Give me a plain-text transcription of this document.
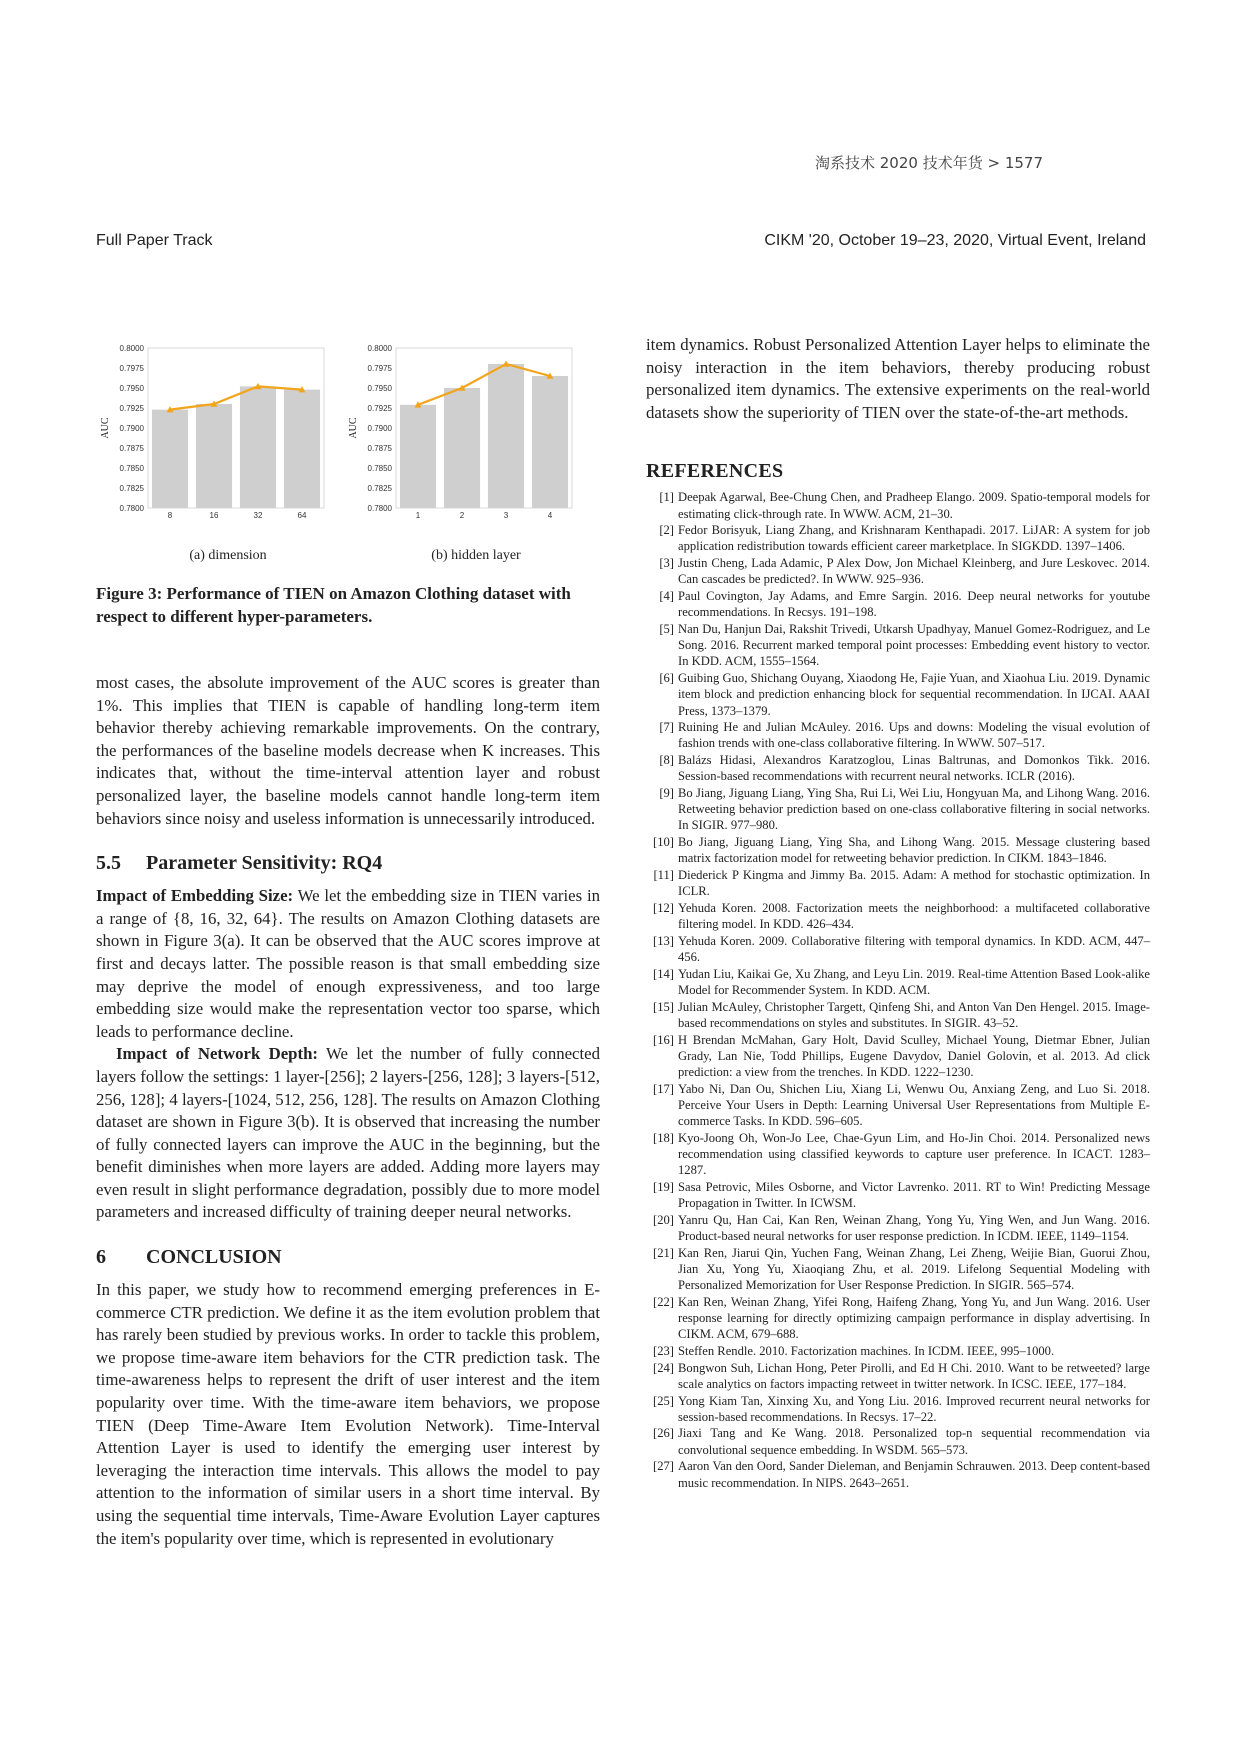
淘系技术 2020 技术年货 > 1577
Full Paper Track	CIKM '20, October 19–23, 2020, Virtual Event, Ireland
0.7800
0.7825
0.7850
0.7875
0.7900
0.7925
0.7950
0.7975
0.8000
AUC
8	16	32	64
0.7800
0.7825
0.7850
0.7875
0.7900
0.7925
0.7950
0.7975
0.8000
AUC
1	2	3	4
(a) dimension	(b) hidden layer
Figure 3: Performance of TIEN on Amazon Clothing dataset with respect to different hyper-parameters.

most cases, the absolute improvement of the AUC scores is greater than 1%. This implies that TIEN is capable of handling long-term item behavior thereby achieving remarkable improvements. On the contrary, the performances of the baseline models decrease when K increases. This indicates that, without the time-interval attention layer and robust personalized layer, the baseline models cannot handle long-term item behaviors since noisy and useless information is unnecessarily introduced.

5.5 Parameter Sensitivity: RQ4

Impact of Embedding Size: We let the embedding size in TIEN varies in a range of {8, 16, 32, 64}. The results on Amazon Clothing datasets are shown in Figure 3(a). It can be observed that the AUC scores improve at first and decays latter. The possible reason is that small embedding size may deprive the model of enough expressiveness, and too large embedding size would make the representation vector too sparse, which leads to performance decline.

Impact of Network Depth: We let the number of fully connected layers follow the settings: 1 layer-[256]; 2 layers-[256, 128]; 3 layers-[512, 256, 128]; 4 layers-[1024, 512, 256, 128]. The results on Amazon Clothing dataset are shown in Figure 3(b). It is observed that increasing the number of fully connected layers can improve the AUC in the beginning, but the benefit diminishes when more layers are added. Adding more layers may even result in slight performance degradation, possibly due to more model parameters and increased difficulty of training deeper neural networks.

6 CONCLUSION

In this paper, we study how to recommend emerging preferences in E-commerce CTR prediction. We define it as the item evolution problem that has rarely been studied by previous works. In order to tackle this problem, we propose time-aware item behaviors for the CTR prediction task. The time-awareness helps to represent the drift of user interest and the item popularity over time. With the time-aware item behaviors, we propose TIEN (Deep Time-Aware Item Evolution Network). Time-Interval Attention Layer is used to identify the emerging user interest by leveraging the interaction time intervals. This allows the model to pay attention to the information of similar users in a short time interval. By using the sequential time intervals, Time-Aware Evolution Layer captures the item's popularity over time, which is represented in evolutionary

item dynamics. Robust Personalized Attention Layer helps to eliminate the noisy interaction in the item behaviors, thereby producing robust personalized item dynamics. The extensive experiments on the real-world datasets show the superiority of TIEN over the state-of-the-art methods.

REFERENCES
[1] Deepak Agarwal, Bee-Chung Chen, and Pradheep Elango. 2009. Spatio-temporal models for estimating click-through rate. In WWW. ACM, 21–30.
[2] Fedor Borisyuk, Liang Zhang, and Krishnaram Kenthapadi. 2017. LiJAR: A system for job application redistribution towards efficient career marketplace. In SIGKDD. 1397–1406.
[3] Justin Cheng, Lada Adamic, P Alex Dow, Jon Michael Kleinberg, and Jure Leskovec. 2014. Can cascades be predicted?. In WWW. 925–936.
[4] Paul Covington, Jay Adams, and Emre Sargin. 2016. Deep neural networks for youtube recommendations. In Recsys. 191–198.
[5] Nan Du, Hanjun Dai, Rakshit Trivedi, Utkarsh Upadhyay, Manuel Gomez-Rodriguez, and Le Song. 2016. Recurrent marked temporal point processes: Embedding event history to vector. In KDD. ACM, 1555–1564.
[6] Guibing Guo, Shichang Ouyang, Xiaodong He, Fajie Yuan, and Xiaohua Liu. 2019. Dynamic item block and prediction enhancing block for sequential recommendation. In IJCAI. AAAI Press, 1373–1379.
[7] Ruining He and Julian McAuley. 2016. Ups and downs: Modeling the visual evolution of fashion trends with one-class collaborative filtering. In WWW. 507–517.
[8] Balázs Hidasi, Alexandros Karatzoglou, Linas Baltrunas, and Domonkos Tikk. 2016. Session-based recommendations with recurrent neural networks. ICLR (2016).
[9] Bo Jiang, Jiguang Liang, Ying Sha, Rui Li, Wei Liu, Hongyuan Ma, and Lihong Wang. 2016. Retweeting behavior prediction based on one-class collaborative filtering in social networks. In SIGIR. 977–980.
[10] Bo Jiang, Jiguang Liang, Ying Sha, and Lihong Wang. 2015. Message clustering based matrix factorization model for retweeting behavior prediction. In CIKM. 1843–1846.
[11] Diederick P Kingma and Jimmy Ba. 2015. Adam: A method for stochastic optimization. In ICLR.
[12] Yehuda Koren. 2008. Factorization meets the neighborhood: a multifaceted collaborative filtering model. In KDD. 426–434.
[13] Yehuda Koren. 2009. Collaborative filtering with temporal dynamics. In KDD. ACM, 447–456.
[14] Yudan Liu, Kaikai Ge, Xu Zhang, and Leyu Lin. 2019. Real-time Attention Based Look-alike Model for Recommender System. In KDD. ACM.
[15] Julian McAuley, Christopher Targett, Qinfeng Shi, and Anton Van Den Hengel. 2015. Image-based recommendations on styles and substitutes. In SIGIR. 43–52.
[16] H Brendan McMahan, Gary Holt, David Sculley, Michael Young, Dietmar Ebner, Julian Grady, Lan Nie, Todd Phillips, Eugene Davydov, Daniel Golovin, et al. 2013. Ad click prediction: a view from the trenches. In KDD. 1222–1230.
[17] Yabo Ni, Dan Ou, Shichen Liu, Xiang Li, Wenwu Ou, Anxiang Zeng, and Luo Si. 2018. Perceive Your Users in Depth: Learning Universal User Representations from Multiple E-commerce Tasks. In KDD. 596–605.
[18] Kyo-Joong Oh, Won-Jo Lee, Chae-Gyun Lim, and Ho-Jin Choi. 2014. Personalized news recommendation using classified keywords to capture user preference. In ICACT. 1283–1287.
[19] Sasa Petrovic, Miles Osborne, and Victor Lavrenko. 2011. RT to Win! Predicting Message Propagation in Twitter. In ICWSM.
[20] Yanru Qu, Han Cai, Kan Ren, Weinan Zhang, Yong Yu, Ying Wen, and Jun Wang. 2016. Product-based neural networks for user response prediction. In ICDM. IEEE, 1149–1154.
[21] Kan Ren, Jiarui Qin, Yuchen Fang, Weinan Zhang, Lei Zheng, Weijie Bian, Guorui Zhou, Jian Xu, Yong Yu, Xiaoqiang Zhu, et al. 2019. Lifelong Sequential Modeling with Personalized Memorization for User Response Prediction. In SIGIR. 565–574.
[22] Kan Ren, Weinan Zhang, Yifei Rong, Haifeng Zhang, Yong Yu, and Jun Wang. 2016. User response learning for directly optimizing campaign performance in display advertising. In CIKM. ACM, 679–688.
[23] Steffen Rendle. 2010. Factorization machines. In ICDM. IEEE, 995–1000.
[24] Bongwon Suh, Lichan Hong, Peter Pirolli, and Ed H Chi. 2010. Want to be retweeted? large scale analytics on factors impacting retweet in twitter network. In ICSC. IEEE, 177–184.
[25] Yong Kiam Tan, Xinxing Xu, and Yong Liu. 2016. Improved recurrent neural networks for session-based recommendations. In Recsys. 17–22.
[26] Jiaxi Tang and Ke Wang. 2018. Personalized top-n sequential recommendation via convolutional sequence embedding. In WSDM. 565–573.
[27] Aaron Van den Oord, Sander Dieleman, and Benjamin Schrauwen. 2013. Deep content-based music recommendation. In NIPS. 2643–2651.
